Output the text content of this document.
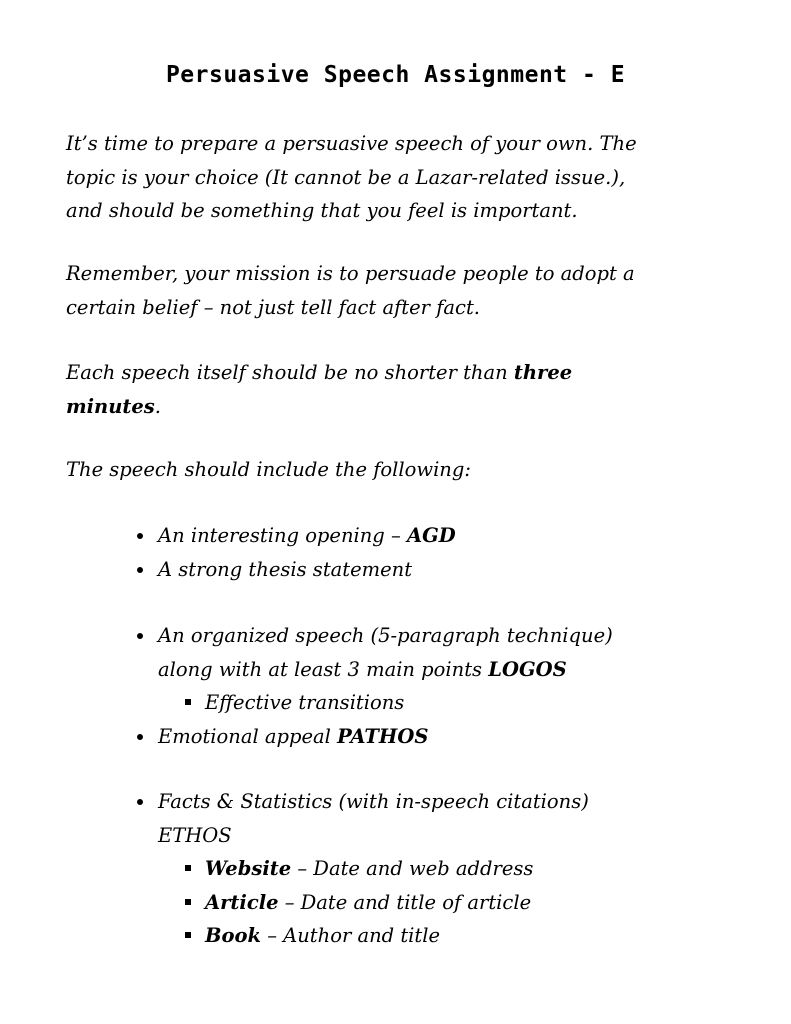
Persuasive Speech Assignment - E

It’s time to prepare a persuasive speech of your own. The
topic is your choice (It cannot be a Lazar-related issue.),
and should be something that you feel is important.

Remember, your mission is to persuade people to adopt a
certain belief – not just tell fact after fact.

Each speech itself should be no shorter than three
minutes.

The speech should include the following:

An interesting opening – AGD
A strong thesis statement
An organized speech (5-paragraph technique)
along with at least 3 main points LOGOS
Effective transitions
Emotional appeal PATHOS
Facts & Statistics (with in-speech citations)
ETHOS
Website – Date and web address
Article – Date and title of article
Book – Author and title
